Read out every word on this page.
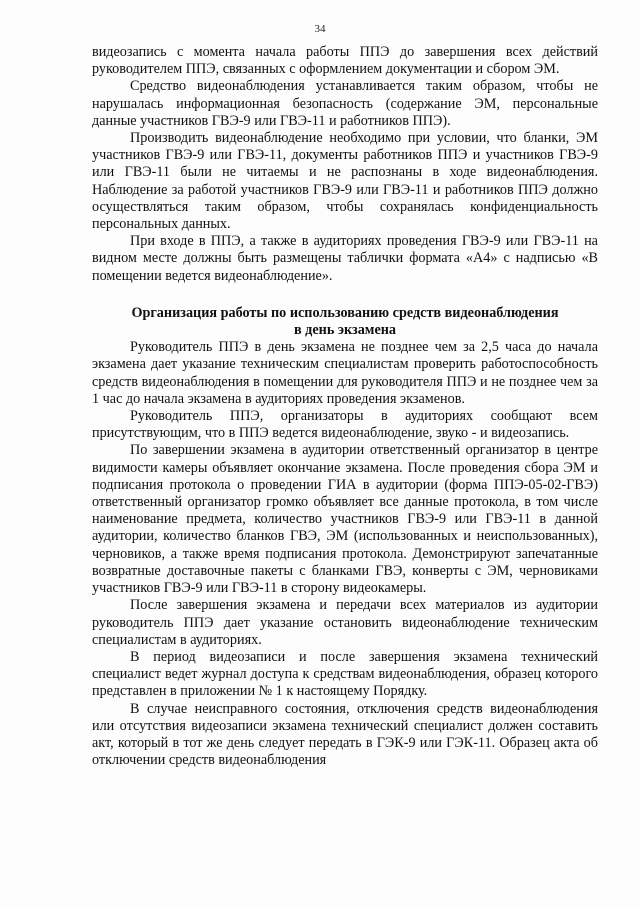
34

видеозапись с момента начала работы ППЭ до завершения всех действий руководителем ППЭ, связанных с оформлением документации и сбором ЭМ.

Средство видеонаблюдения устанавливается таким образом, чтобы не нарушалась информационная безопасность (содержание ЭМ, персональные данные участников ГВЭ-9 или ГВЭ-11 и работников ППЭ).

Производить видеонаблюдение необходимо при условии, что бланки, ЭМ участников ГВЭ-9 или ГВЭ-11, документы работников ППЭ и участников ГВЭ-9 или ГВЭ-11 были не читаемы и не распознаны в ходе видеонаблюдения. Наблюдение за работой участников ГВЭ-9 или ГВЭ-11 и работников ППЭ должно осуществляться таким образом, чтобы сохранялась конфиденциальность персональных данных.

При входе в ППЭ, а также в аудиториях проведения ГВЭ-9 или ГВЭ-11 на видном месте должны быть размещены таблички формата «А4» с надписью «В помещении ведется видеонаблюдение».

Организация работы по использованию средств видеонаблюдения
в день экзамена

Руководитель ППЭ в день экзамена не позднее чем за 2,5 часа до начала экзамена дает указание техническим специалистам проверить работоспособность средств видеонаблюдения в помещении для руководителя ППЭ и не позднее чем за 1 час до начала экзамена в аудиториях проведения экзаменов.

Руководитель ППЭ, организаторы в аудиториях сообщают всем присутствующим, что в ППЭ ведется видеонаблюдение, звуко - и видеозапись.

По завершении экзамена в аудитории ответственный организатор в центре видимости камеры объявляет окончание экзамена. После проведения сбора ЭМ и подписания протокола о проведении ГИА в аудитории (форма ППЭ-05-02-ГВЭ) ответственный организатор громко объявляет все данные протокола, в том числе наименование предмета, количество участников ГВЭ-9 или ГВЭ-11 в данной аудитории, количество бланков ГВЭ, ЭМ (использованных и неиспользованных), черновиков, а также время подписания протокола. Демонстрируют запечатанные возвратные доставочные пакеты с бланками ГВЭ, конверты с ЭМ, черновиками участников ГВЭ-9 или ГВЭ-11 в сторону видеокамеры.

После завершения экзамена и передачи всех материалов из аудитории руководитель ППЭ дает указание остановить видеонаблюдение техническим специалистам в аудиториях.

В период видеозаписи и после завершения экзамена технический специалист ведет журнал доступа к средствам видеонаблюдения, образец которого представлен в приложении № 1 к настоящему Порядку.

В случае неисправного состояния, отключения средств видеонаблюдения или отсутствия видеозаписи экзамена технический специалист должен составить акт, который в тот же день следует передать в ГЭК-9 или ГЭК-11. Образец акта об отключении средств видеонаблюдения
